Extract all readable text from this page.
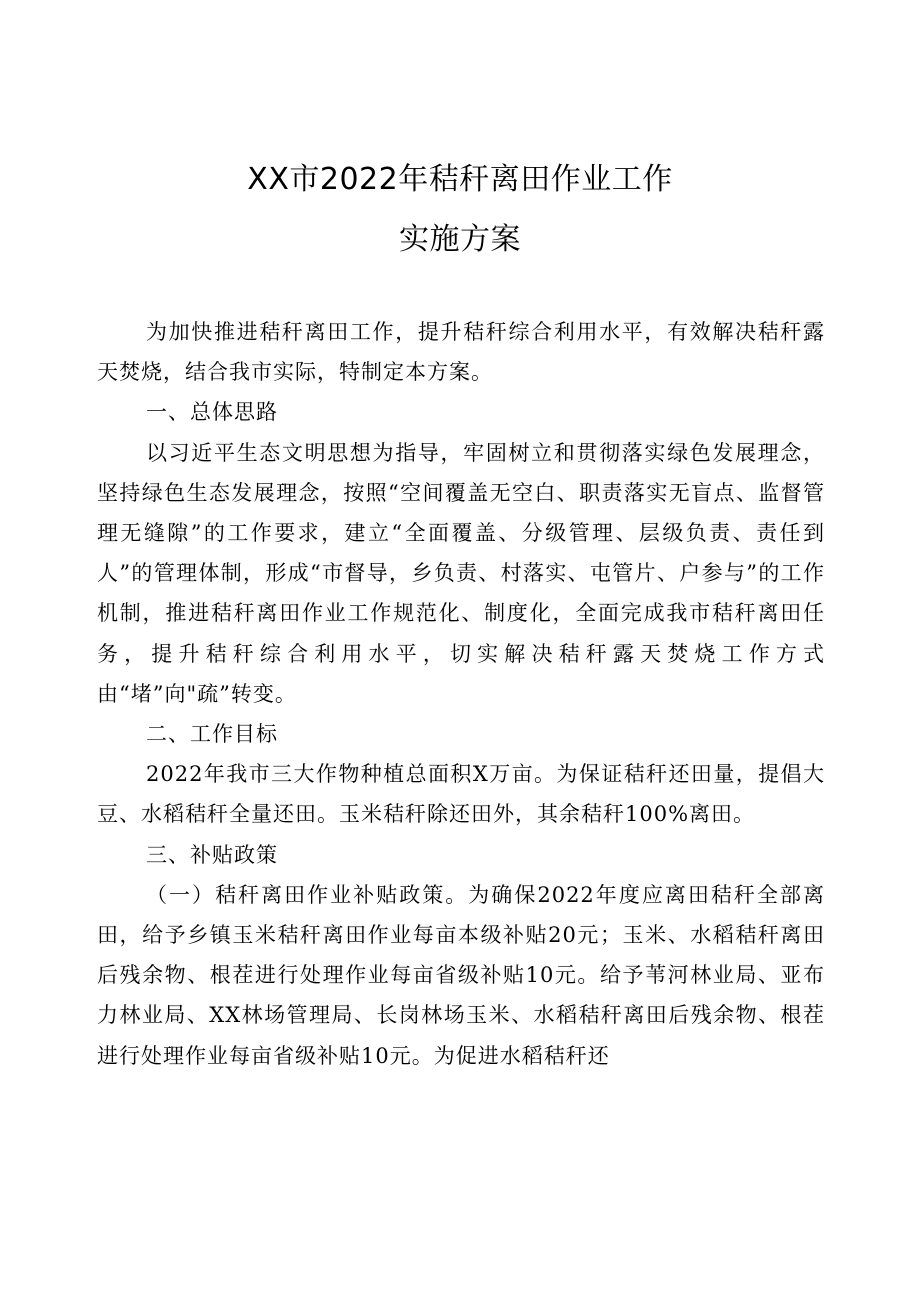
XX市2022年秸秆离田作业工作
实施方案

为加快推进秸秆离田工作，提升秸秆综合利用水平，有效解决秸秆露天焚烧，结合我市实际，特制定本方案。

一、总体思路

以习近平生态文明思想为指导，牢固树立和贯彻落实绿色发展理念，坚持绿色生态发展理念，按照“空间覆盖无空白、职责落实无盲点、监督管理无缝隙”的工作要求，建立“全面覆盖、分级管理、层级负责、责任到人”的管理体制，形成“市督导，乡负责、村落实、屯管片、户参与”的工作机制，推进秸秆离田作业工作规范化、制度化，全面完成我市秸秆离田任务，提升秸秆综合利用水平，切实解决秸秆露天焚烧工作方式由“堵”向"疏”转变。

二、工作目标

2022年我市三大作物种植总面积X万亩。为保证秸秆还田量，提倡大豆、水稻秸秆全量还田。玉米秸秆除还田外，其余秸秆100%离田。

三、补贴政策

（一）秸秆离田作业补贴政策。为确保2022年度应离田秸秆全部离田，给予乡镇玉米秸秆离田作业每亩本级补贴20元；玉米、水稻秸秆离田后残余物、根茬进行处理作业每亩省级补贴10元。给予苇河林业局、亚布力林业局、XX林场管理局、长岗林场玉米、水稻秸秆离田后残余物、根茬进行处理作业每亩省级补贴10元。为促进水稻秸秆还
